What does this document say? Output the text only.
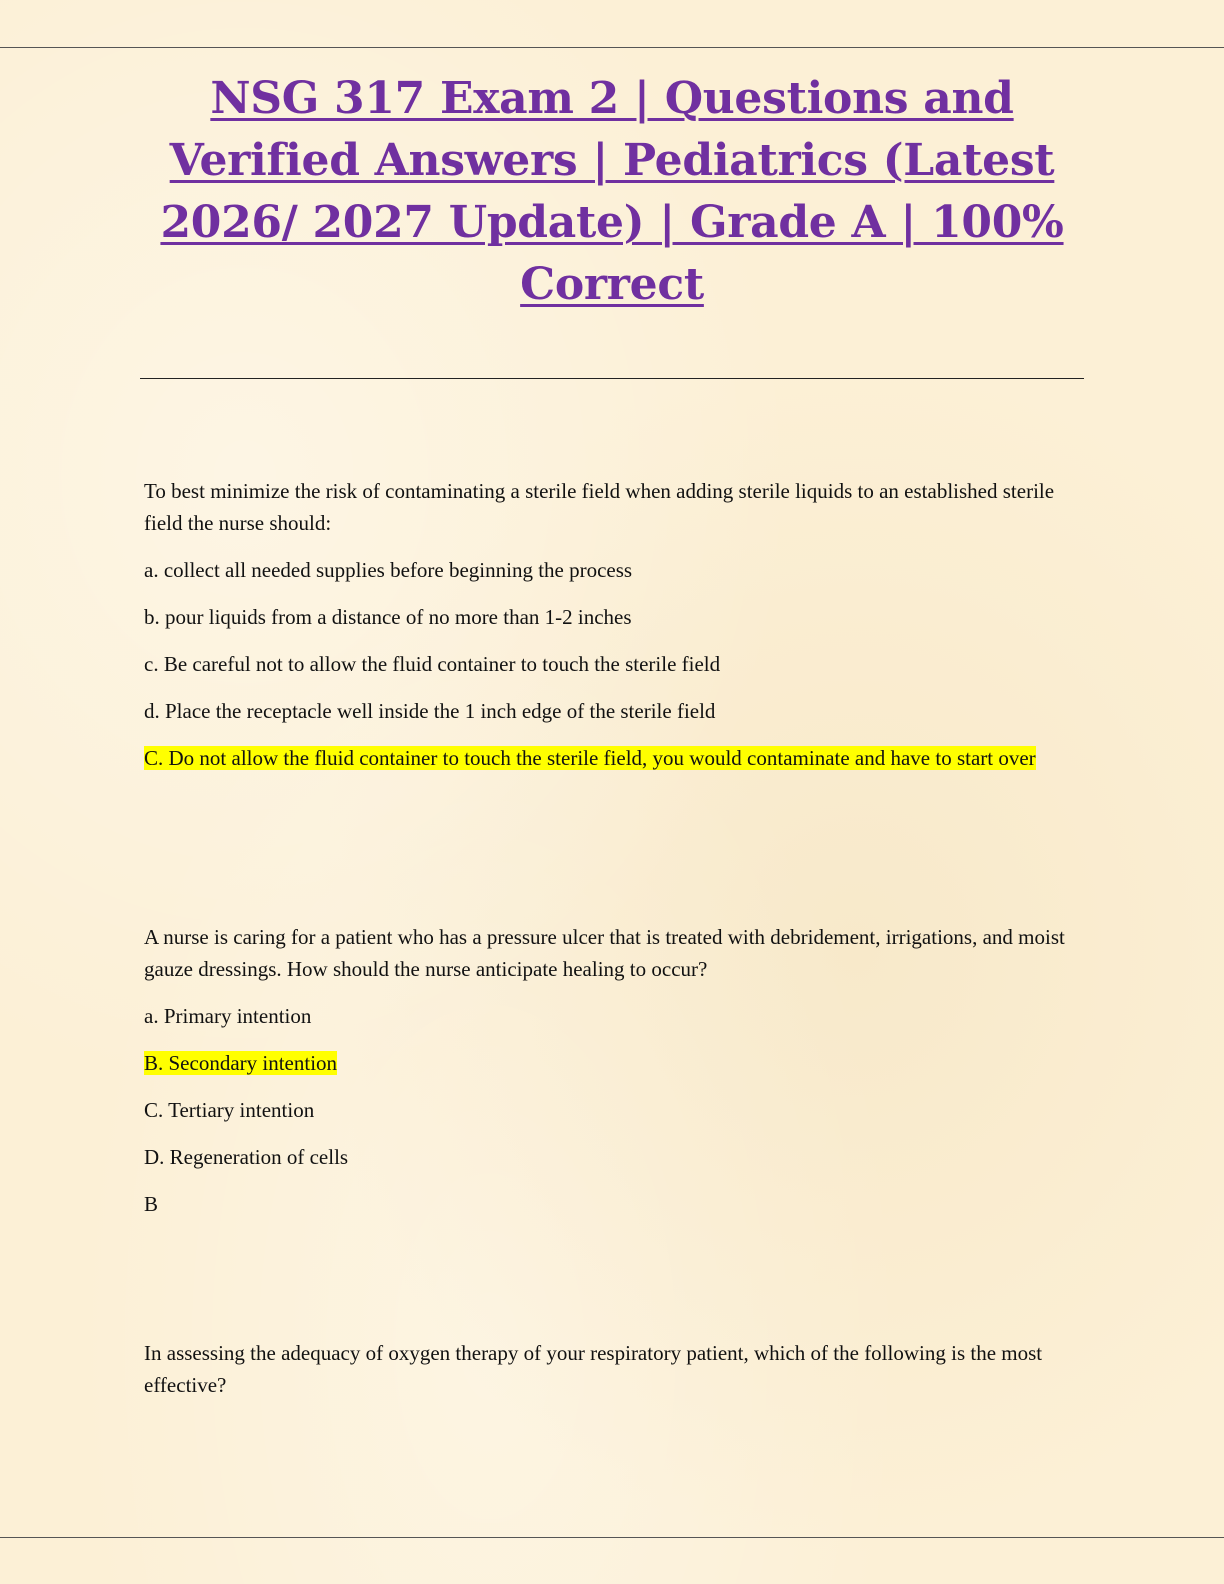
NSG 317 Exam 2 | Questions and Verified Answers | Pediatrics (Latest 2026/ 2027 Update) | Grade A | 100% Correct

To best minimize the risk of contaminating a sterile field when adding sterile liquids to an established sterile field the nurse should:

a. collect all needed supplies before beginning the process

b. pour liquids from a distance of no more than 1-2 inches

c. Be careful not to allow the fluid container to touch the sterile field

d. Place the receptacle well inside the 1 inch edge of the sterile field

C. Do not allow the fluid container to touch the sterile field, you would contaminate and have to start over

A nurse is caring for a patient who has a pressure ulcer that is treated with debridement, irrigations, and moist gauze dressings. How should the nurse anticipate healing to occur?

a. Primary intention

B. Secondary intention

C. Tertiary intention

D. Regeneration of cells

B

In assessing the adequacy of oxygen therapy of your respiratory patient, which of the following is the most effective?
